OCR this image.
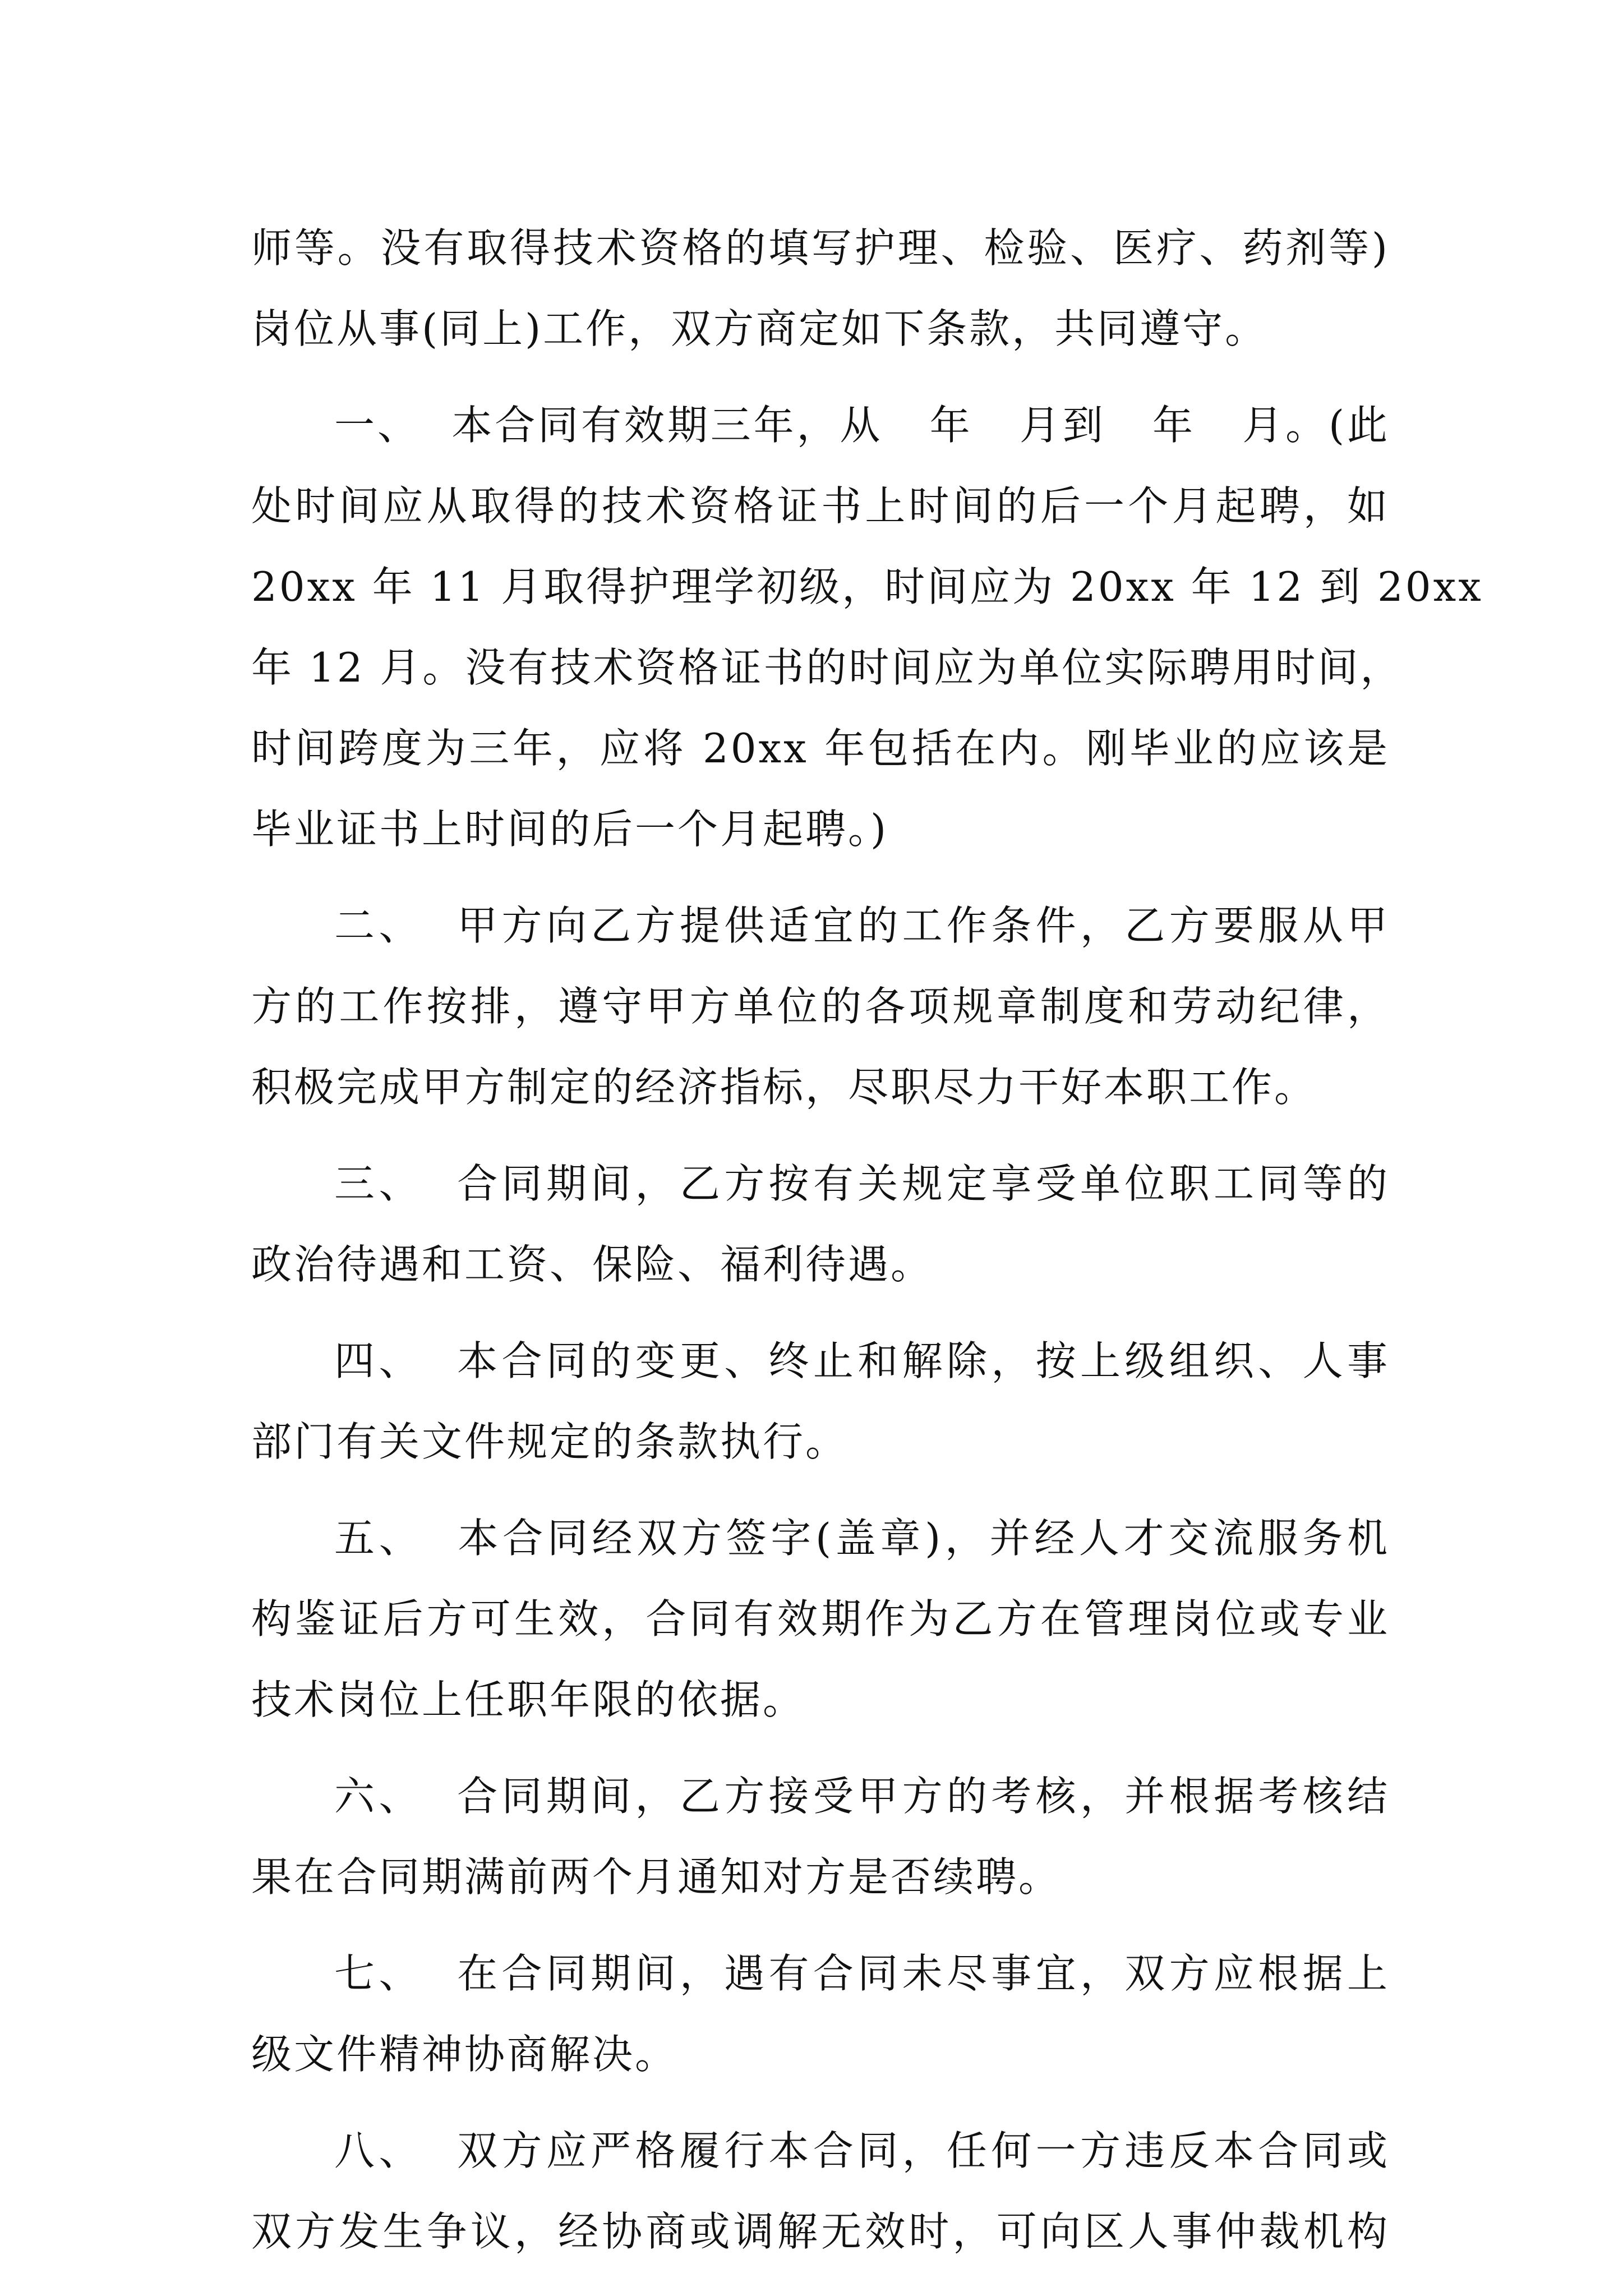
师等。没有取得技术资格的填写护理、检验、医疗、药剂等)
岗位从事(同上)工作，双方商定如下条款，共同遵守。
一、  本合同有效期三年，从   年   月到   年   月。(此
处时间应从取得的技术资格证书上时间的后一个月起聘，如
20xx 年 11 月取得护理学初级，时间应为 20xx 年 12 到 20xx
年 12 月。没有技术资格证书的时间应为单位实际聘用时间，
时间跨度为三年，应将 20xx 年包括在内。刚毕业的应该是
毕业证书上时间的后一个月起聘。)
二、  甲方向乙方提供适宜的工作条件，乙方要服从甲
方的工作按排，遵守甲方单位的各项规章制度和劳动纪律，
积极完成甲方制定的经济指标，尽职尽力干好本职工作。
三、  合同期间，乙方按有关规定享受单位职工同等的
政治待遇和工资、保险、福利待遇。
四、  本合同的变更、终止和解除，按上级组织、人事
部门有关文件规定的条款执行。
五、  本合同经双方签字(盖章)，并经人才交流服务机
构鉴证后方可生效，合同有效期作为乙方在管理岗位或专业
技术岗位上任职年限的依据。
六、  合同期间，乙方接受甲方的考核，并根据考核结
果在合同期满前两个月通知对方是否续聘。
七、  在合同期间，遇有合同未尽事宜，双方应根据上
级文件精神协商解决。
八、  双方应严格履行本合同，任何一方违反本合同或
双方发生争议，经协商或调解无效时，可向区人事仲裁机构
